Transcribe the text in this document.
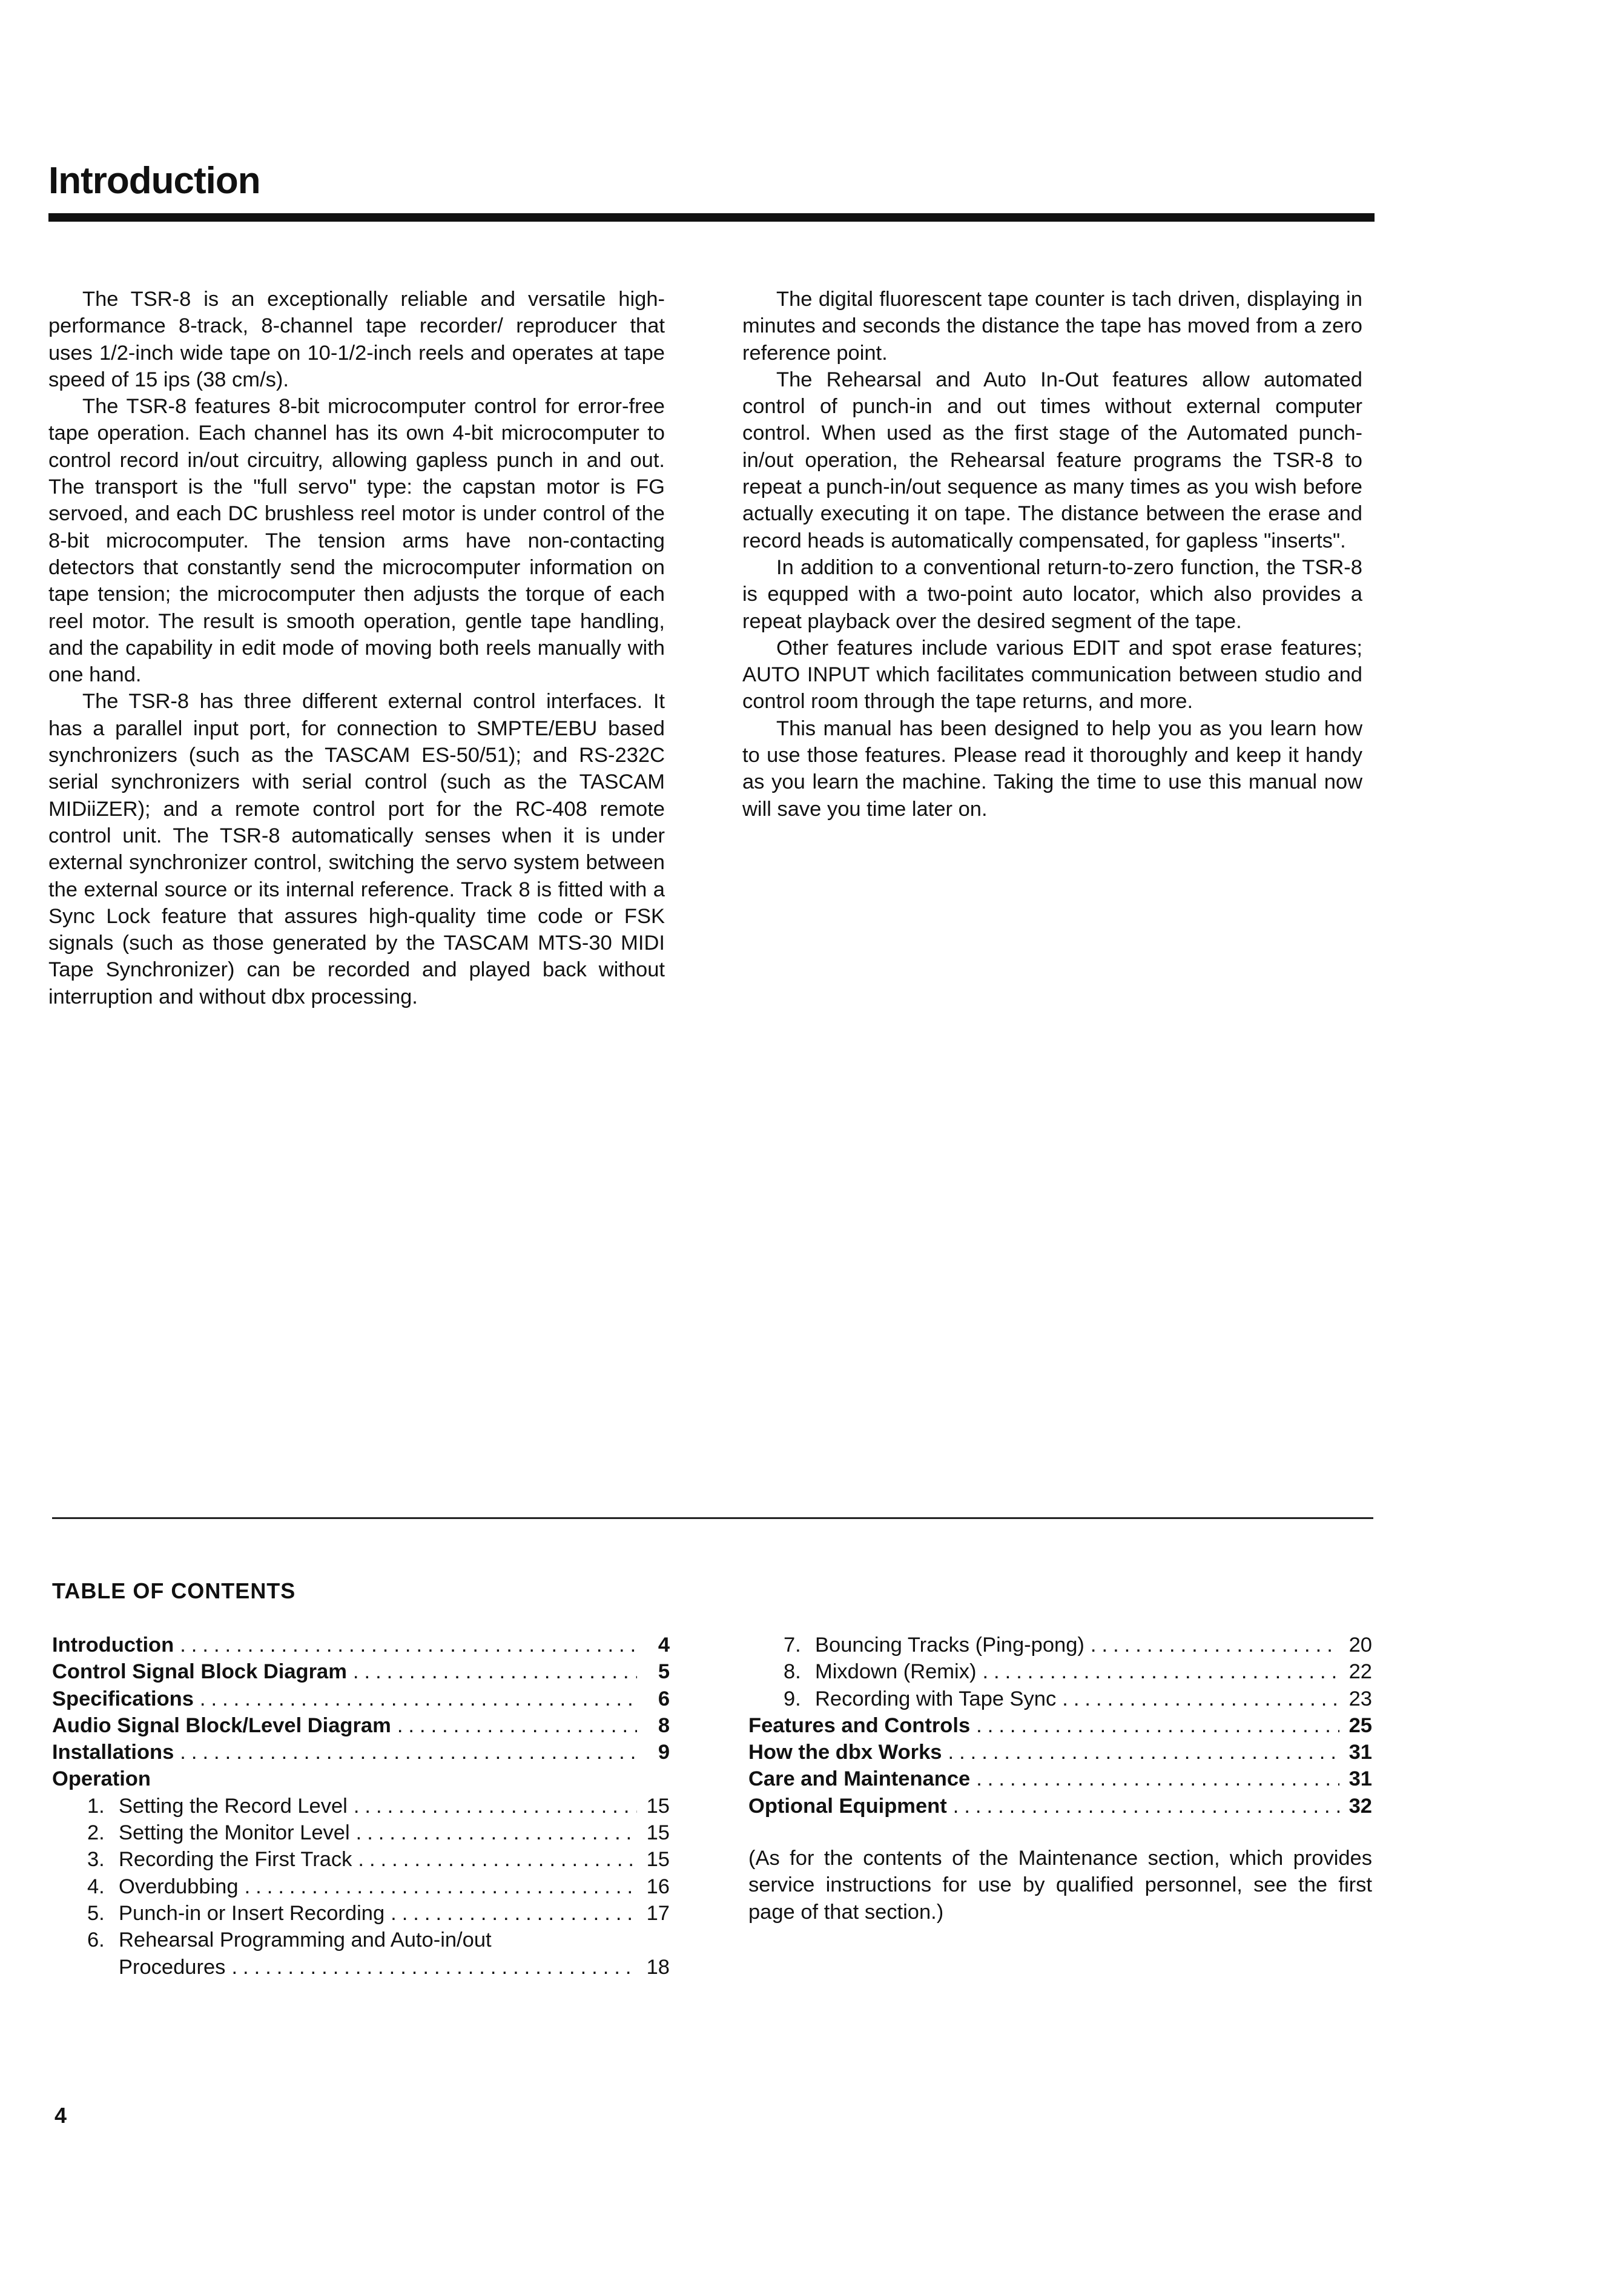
Introduction

The TSR-8 is an exceptionally reliable and versatile high-performance 8-track, 8-channel tape recorder/ reproducer that uses 1/2-inch wide tape on 10-1/2-inch reels and operates at tape speed of 15 ips (38 cm/s).

The TSR-8 features 8-bit microcomputer control for error-free tape operation. Each channel has its own 4-bit microcomputer to control record in/out circuitry, allowing gapless punch in and out. The transport is the "full servo" type: the capstan motor is FG servoed, and each DC brushless reel motor is under control of the 8-bit microcomputer. The tension arms have non-contacting detectors that constantly send the microcomputer information on tape tension; the microcomputer then adjusts the torque of each reel motor. The result is smooth operation, gentle tape handling, and the capability in edit mode of moving both reels manually with one hand.

The TSR-8 has three different external control interfaces. It has a parallel input port, for connection to SMPTE/EBU based synchronizers (such as the TASCAM ES-50/51); and RS-232C serial synchronizers with serial control (such as the TASCAM MIDiiZER); and a remote control port for the RC-408 remote control unit. The TSR-8 automatically senses when it is under external synchronizer control, switching the servo system between the external source or its internal reference. Track 8 is fitted with a Sync Lock feature that assures high-quality time code or FSK signals (such as those generated by the TASCAM MTS-30 MIDI Tape Synchronizer) can be recorded and played back without interruption and without dbx processing.

The digital fluorescent tape counter is tach driven, displaying in minutes and seconds the distance the tape has moved from a zero reference point.

The Rehearsal and Auto In-Out features allow automated control of punch-in and out times without external computer control. When used as the first stage of the Automated punch-in/out operation, the Rehearsal feature programs the TSR-8 to repeat a punch-in/out sequence as many times as you wish before actually executing it on tape. The distance between the erase and record heads is automatically compensated, for gapless "inserts".

In addition to a conventional return-to-zero function, the TSR-8 is equpped with a two-point auto locator, which also provides a repeat playback over the desired segment of the tape.

Other features include various EDIT and spot erase features; AUTO INPUT which facilitates communication between studio and control room through the tape returns, and more.

This manual has been designed to help you as you learn how to use those features. Please read it thoroughly and keep it handy as you learn the machine. Taking the time to use this manual now will save you time later on.

TABLE OF CONTENTS
Introduction .....	4
Control Signal Block Diagram .....	5
Specifications .....	6
Audio Signal Block/Level Diagram .....	8
Installations .....	9
Operation
1. Setting the Record Level .....	15
2. Setting the Monitor Level .....	15
3. Recording the First Track .....	15
4. Overdubbing .....	16
5. Punch-in or Insert Recording .....	17
6. Rehearsal Programming and Auto-in/out
Procedures .....	18
7. Bouncing Tracks (Ping-pong) .....	20
8. Mixdown (Remix) .....	22
9. Recording with Tape Sync .....	23
Features and Controls .....	25
How the dbx Works .....	31
Care and Maintenance .....	31
Optional Equipment .....	32

(As for the contents of the Maintenance section, which provides service instructions for use by qualified personnel, see the first page of that section.)

4
